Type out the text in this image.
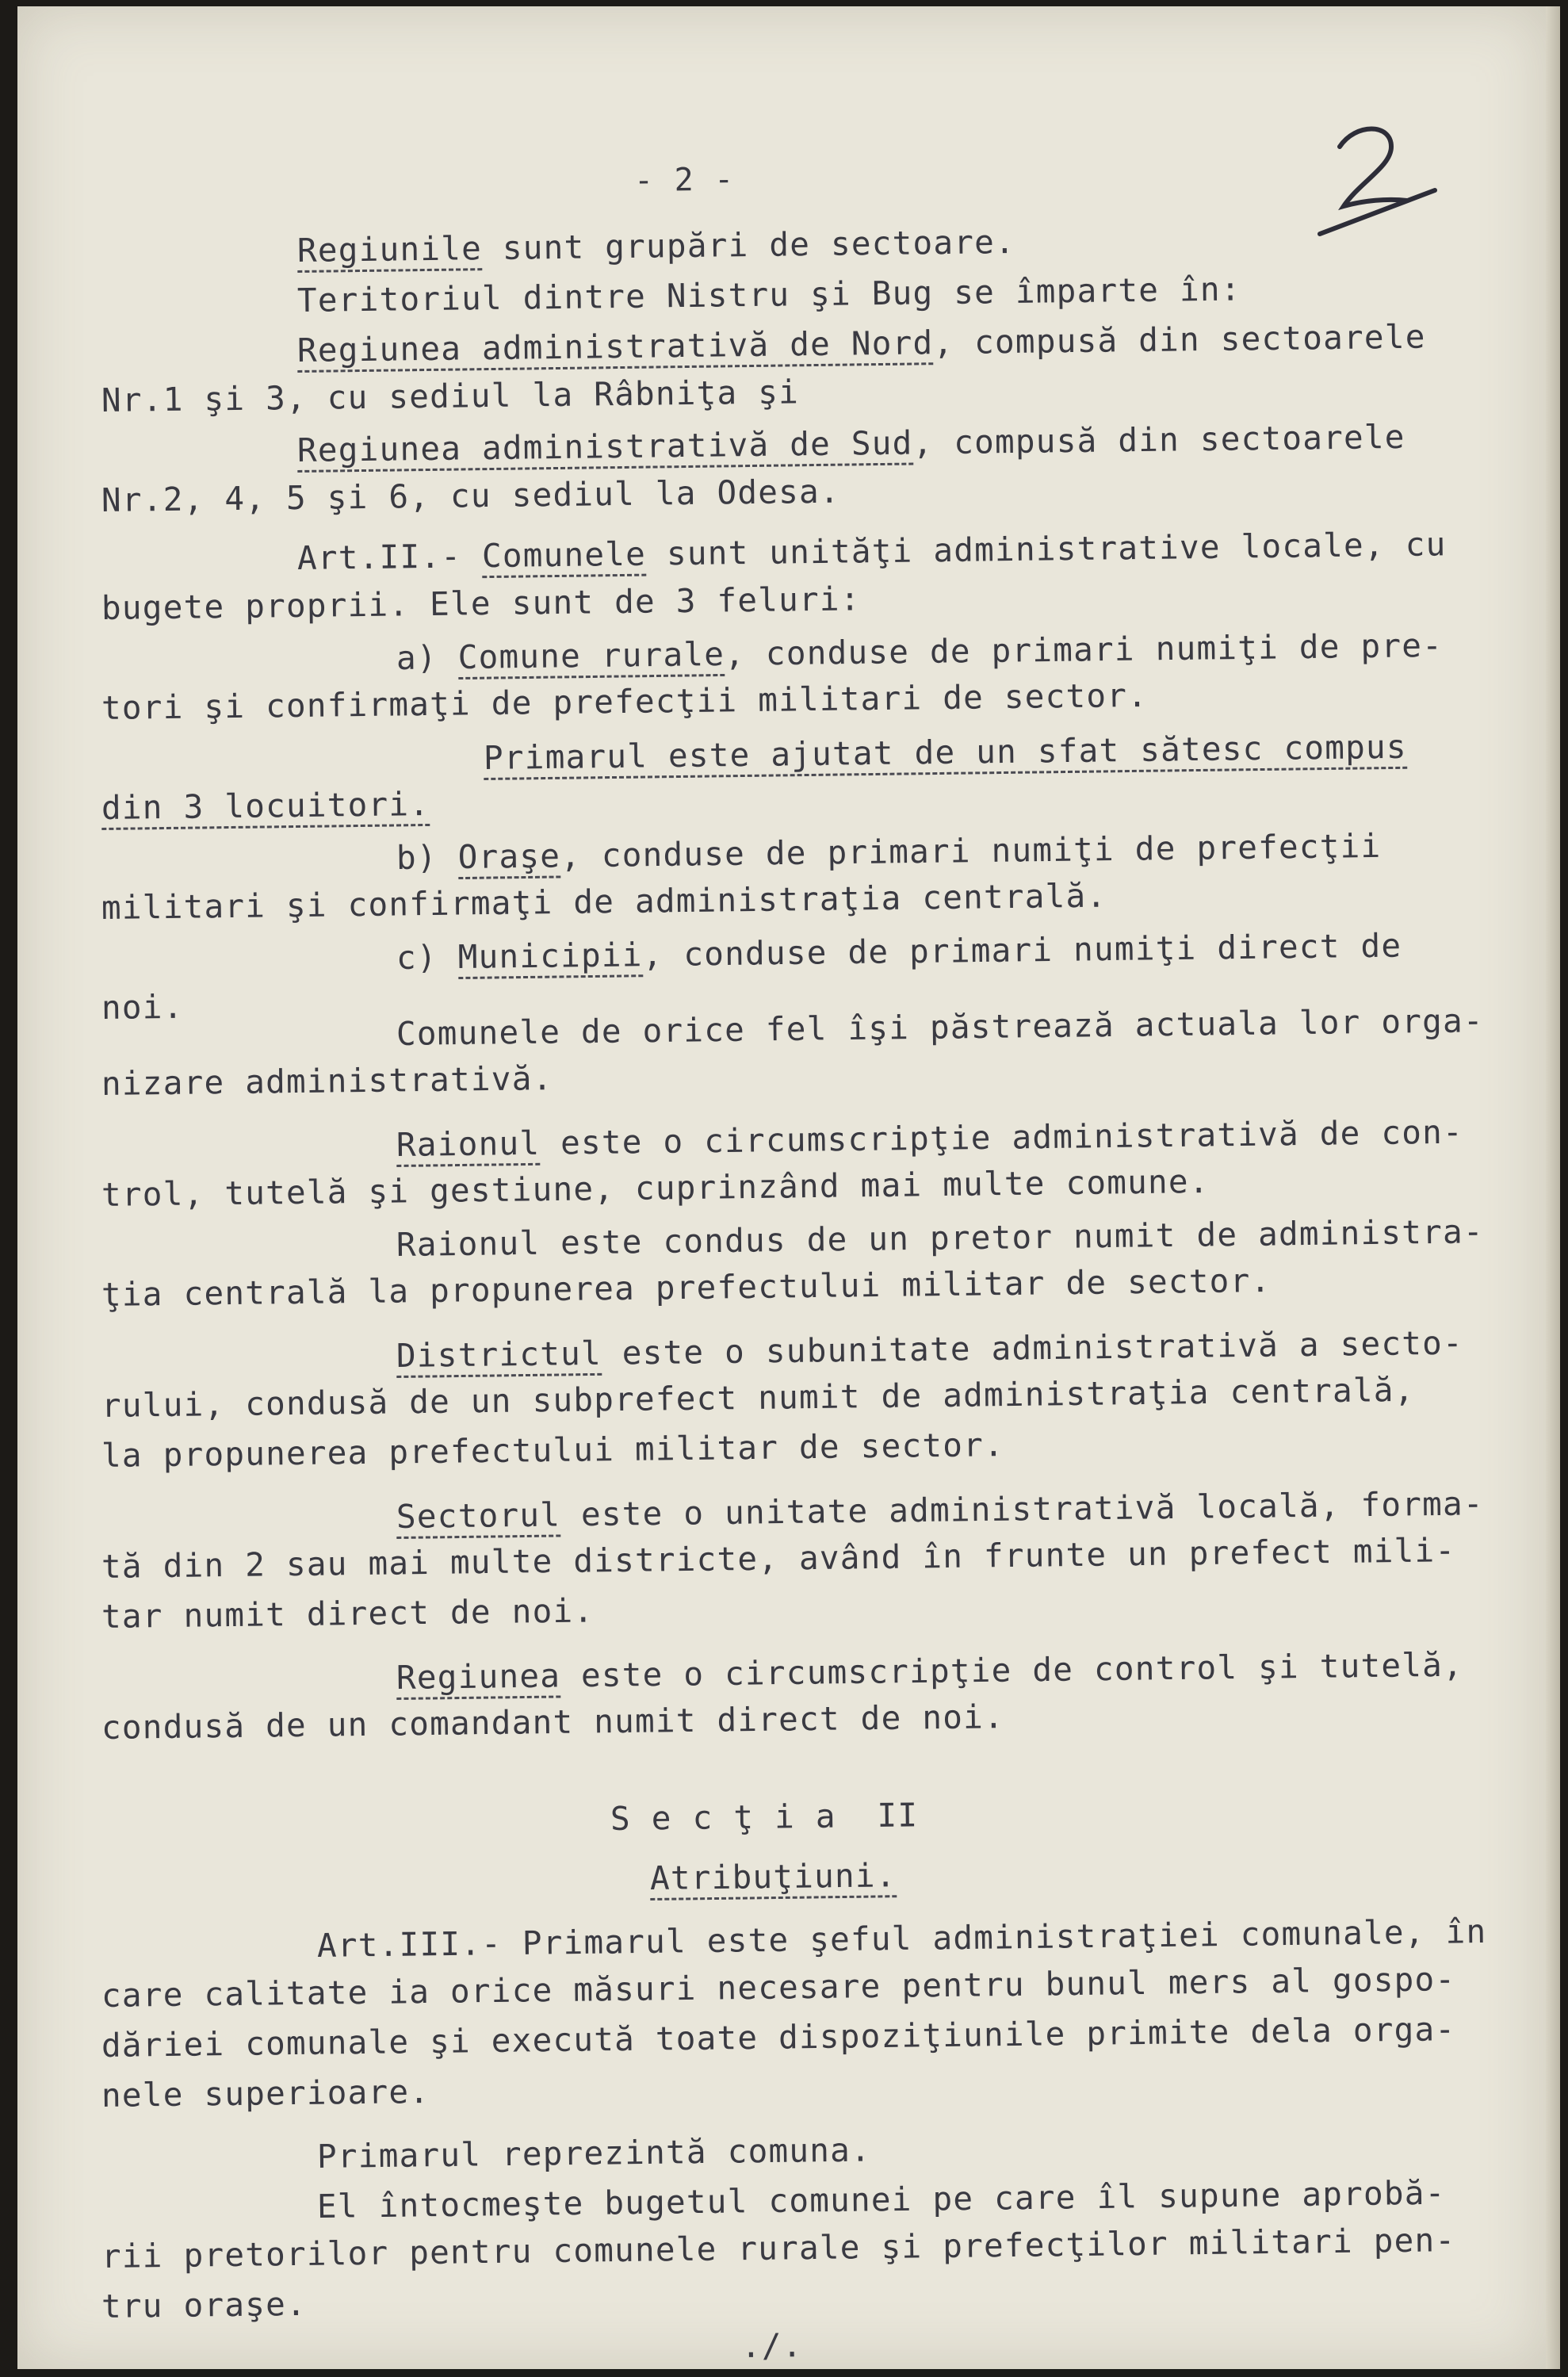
- 2 -
Regiunile sunt grupări de sectoare.
Teritoriul dintre Nistru şi Bug se împarte în:
Regiunea administrativă de Nord, compusă din sectoarele
Nr.1 şi 3, cu sediul la Râbniţa şi
Regiunea administrativă de Sud, compusă din sectoarele
Nr.2, 4, 5 şi 6, cu sediul la Odesa.
Art.II.- Comunele sunt unităţi administrative locale, cu
bugete proprii. Ele sunt de 3 feluri:
a) Comune rurale, conduse de primari numiţi de pre-
tori şi confirmaţi de prefecţii militari de sector.
Primarul este ajutat de un sfat sătesc compus
din 3 locuitori.
b) Oraşe, conduse de primari numiţi de prefecţii
militari şi confirmaţi de administraţia centrală.
c) Municipii, conduse de primari numiţi direct de
noi.	Comunele de orice fel îşi păstrează actuala lor orga-
nizare administrativă.
Raionul este o circumscripţie administrativă de con-
trol, tutelă şi gestiune, cuprinzând mai multe comune.
Raionul este condus de un pretor numit de administra-
ţia centrală la propunerea prefectului militar de sector.
Districtul este o subunitate administrativă a secto-
rului, condusă de un subprefect numit de administraţia centrală,
la propunerea prefectului militar de sector.
Sectorul este o unitate administrativă locală, forma-
tă din 2 sau mai multe districte, având în frunte un prefect mili-
tar numit direct de noi.
Regiunea este o circumscripţie de control şi tutelă,
condusă de un comandant numit direct de noi.
S e c ţ i a  II
Atribuţiuni.
Art.III.- Primarul este şeful administraţiei comunale, în
care calitate ia orice măsuri necesare pentru bunul mers al gospo-
dăriei comunale şi execută toate dispoziţiunile primite dela orga-
nele superioare.
Primarul reprezintă comuna.
El întocmeşte bugetul comunei pe care îl supune aprobă-
rii pretorilor pentru comunele rurale şi prefecţilor militari pen-
tru oraşe.
./.
